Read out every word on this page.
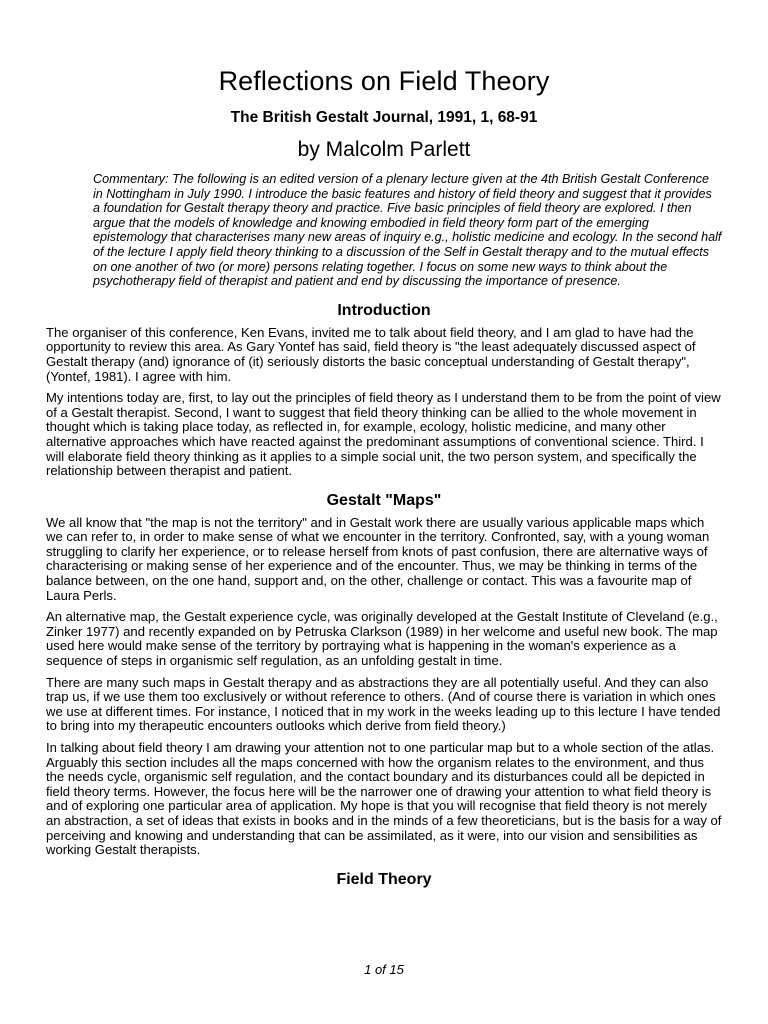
Reflections on Field Theory
The British Gestalt Journal, 1991, 1, 68-91
by Malcolm Parlett
Commentary: The following is an edited version of a plenary lecture given at the 4th British Gestalt Conference in Nottingham in July 1990. I introduce the basic features and history of field theory and suggest that it provides a foundation for Gestalt therapy theory and practice. Five basic principles of field theory are explored. I then argue that the models of knowledge and knowing embodied in field theory form part of the emerging epistemology that characterises many new areas of inquiry e.g., holistic medicine and ecology. In the second half of the lecture I apply field theory thinking to a discussion of the Self in Gestalt therapy and to the mutual effects on one another of two (or more) persons relating together. I focus on some new ways to think about the psychotherapy field of therapist and patient and end by discussing the importance of presence.
Introduction

The organiser of this conference, Ken Evans, invited me to talk about field theory, and I am glad to have had the opportunity to review this area. As Gary Yontef has said, field theory is "the least adequately discussed aspect of Gestalt therapy (and) ignorance of (it) seriously distorts the basic conceptual understanding of Gestalt therapy", (Yontef, 1981). I agree with him.

My intentions today are, first, to lay out the principles of field theory as I understand them to be from the point of view of a Gestalt therapist. Second, I want to suggest that field theory thinking can be allied to the whole movement in thought which is taking place today, as reflected in, for example, ecology, holistic medicine, and many other alternative approaches which have reacted against the predominant assumptions of conventional science. Third. I will elaborate field theory thinking as it applies to a simple social unit, the two person system, and specifically the relationship between therapist and patient.

Gestalt "Maps"

We all know that "the map is not the territory" and in Gestalt work there are usually various applicable maps which we can refer to, in order to make sense of what we encounter in the territory. Confronted, say, with a young woman struggling to clarify her experience, or to release herself from knots of past confusion, there are alternative ways of characterising or making sense of her experience and of the encounter. Thus, we may be thinking in terms of the balance between, on the one hand, support and, on the other, challenge or contact. This was a favourite map of Laura Perls.

An alternative map, the Gestalt experience cycle, was originally developed at the Gestalt Institute of Cleveland (e.g., Zinker 1977) and recently expanded on by Petruska Clarkson (1989) in her welcome and useful new book. The map used here would make sense of the territory by portraying what is happening in the woman's experience as a sequence of steps in organismic self regulation, as an unfolding gestalt in time.

There are many such maps in Gestalt therapy and as abstractions they are all potentially useful. And they can also trap us, if we use them too exclusively or without reference to others. (And of course there is variation in which ones we use at different times. For instance, I noticed that in my work in the weeks leading up to this lecture I have tended to bring into my therapeutic encounters outlooks which derive from field theory.)

In talking about field theory I am drawing your attention not to one particular map but to a whole section of the atlas. Arguably this section includes all the maps concerned with how the organism relates to the environment, and thus the needs cycle, organismic self regulation, and the contact boundary and its disturbances could all be depicted in field theory terms. However, the focus here will be the narrower one of drawing your attention to what field theory is and of exploring one particular area of application. My hope is that you will recognise that field theory is not merely an abstraction, a set of ideas that exists in books and in the minds of a few theoreticians, but is the basis for a way of perceiving and knowing and understanding that can be assimilated, as it were, into our vision and sensibilities as working Gestalt therapists.

Field Theory
1 of 15
